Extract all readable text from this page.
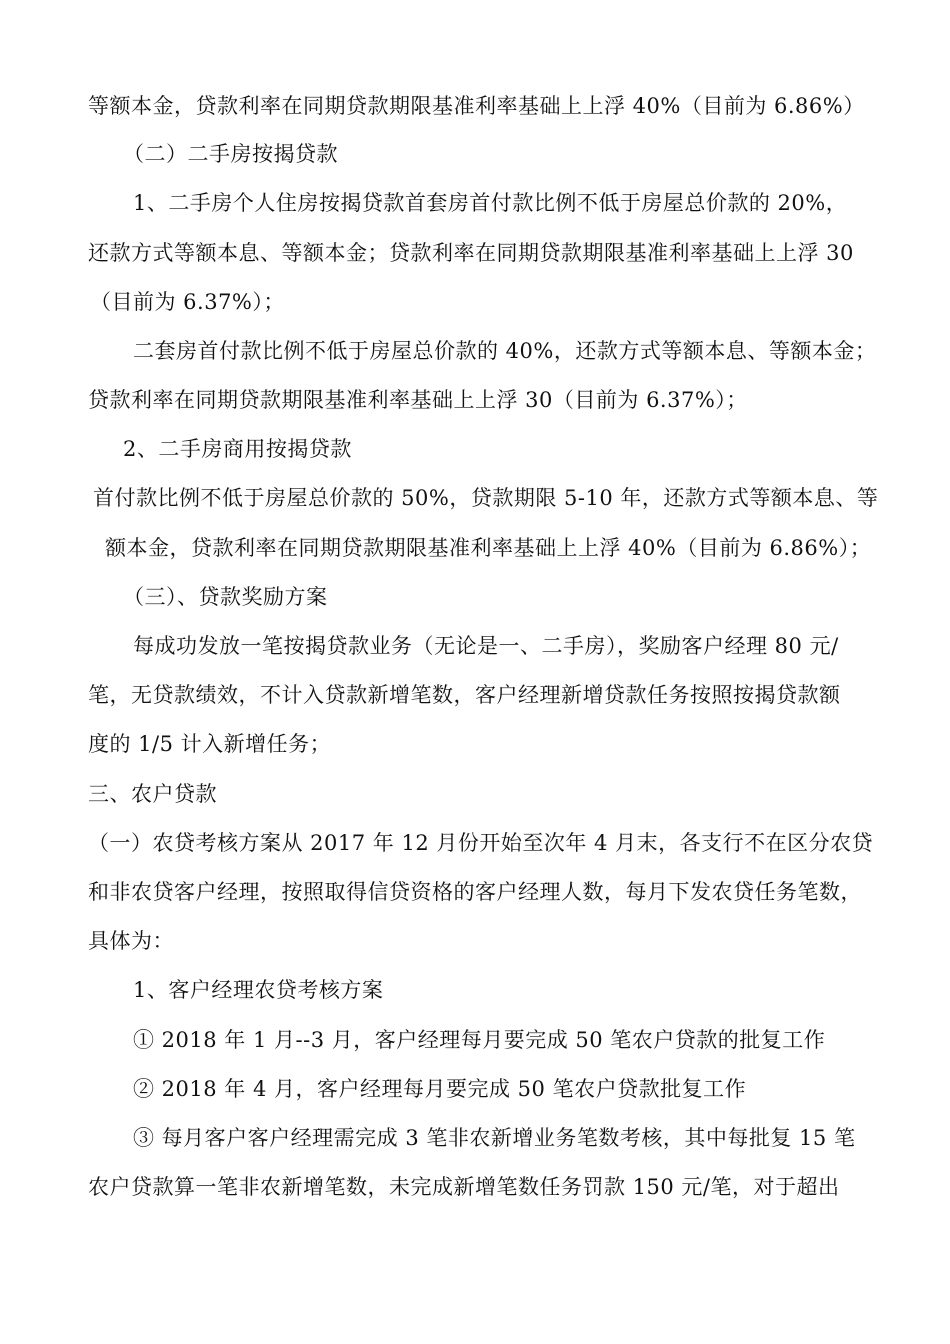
等额本金，贷款利率在同期贷款期限基准利率基础上上浮 40%（目前为 6.86%）
（二）二手房按揭贷款
1、二手房个人住房按揭贷款首套房首付款比例不低于房屋总价款的 20%，
还款方式等额本息、等额本金；贷款利率在同期贷款期限基准利率基础上上浮 30
（目前为 6.37%）；
二套房首付款比例不低于房屋总价款的 40%，还款方式等额本息、等额本金；
贷款利率在同期贷款期限基准利率基础上上浮 30（目前为 6.37%）；
2、二手房商用按揭贷款
首付款比例不低于房屋总价款的 50%，贷款期限 5-10 年，还款方式等额本息、等
额本金，贷款利率在同期贷款期限基准利率基础上上浮 40%（目前为 6.86%）；
（三）、贷款奖励方案
每成功发放一笔按揭贷款业务（无论是一、二手房），奖励客户经理 80 元/
笔，无贷款绩效，不计入贷款新增笔数，客户经理新增贷款任务按照按揭贷款额
度的 1/5 计入新增任务；
三、农户贷款
（一）农贷考核方案从 2017 年 12 月份开始至次年 4 月末，各支行不在区分农贷
和非农贷客户经理，按照取得信贷资格的客户经理人数，每月下发农贷任务笔数，
具体为：
1、客户经理农贷考核方案
① 2018 年 1 月--3 月，客户经理每月要完成 50 笔农户贷款的批复工作
② 2018 年 4 月，客户经理每月要完成 50 笔农户贷款批复工作
③ 每月客户客户经理需完成 3 笔非农新增业务笔数考核，其中每批复 15 笔
农户贷款算一笔非农新增笔数，未完成新增笔数任务罚款 150 元/笔，对于超出
